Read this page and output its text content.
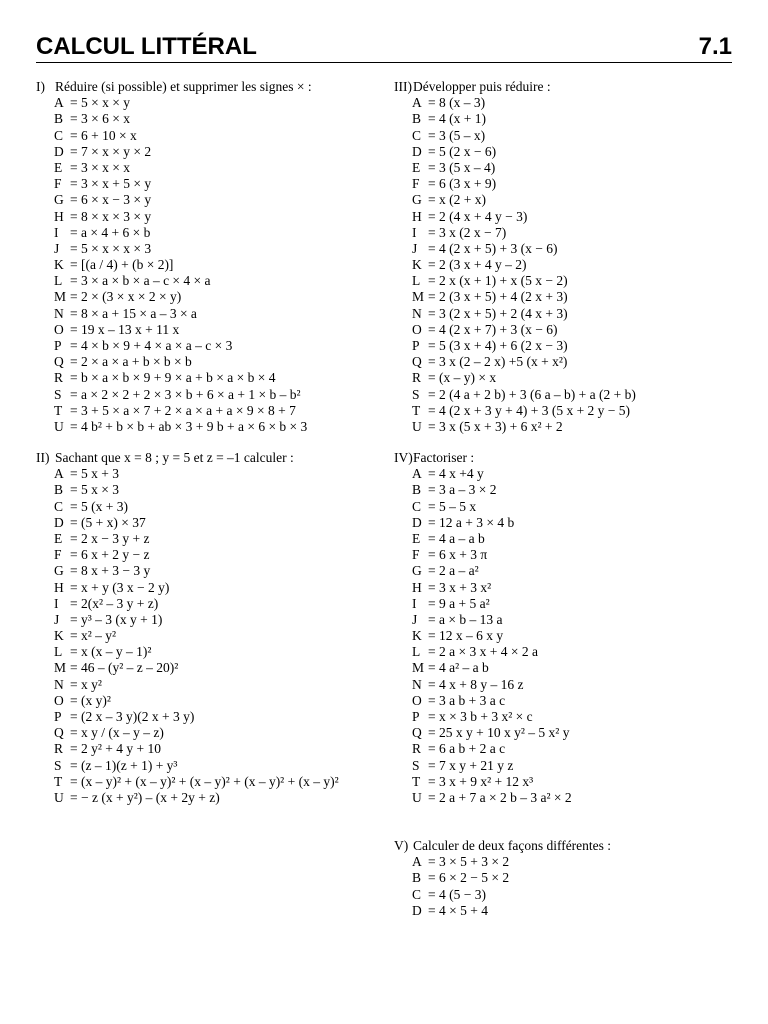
CALCUL LITTÉRAL	7.1
I) Réduire (si possible) et supprimer les signes × :
A = 5 × x × y
B = 3 × 6 × x
C = 6 + 10 × x
D = 7 × x × y × 2
E = 3 × x × x
F = 3 × x + 5 × y
G = 6 × x − 3 × y
H = 8 × x × 3 × y
I = a × 4 + 6 × b
J = 5 × x × x × 3
K = [(a / 4) + (b × 2)]
L = 3 × a × b × a – c × 4 × a
M = 2 × (3 × x × 2 × y)
N = 8 × a + 15 × a – 3 × a
O = 19 x – 13 x + 11 x
P = 4 × b × 9 + 4 × a × a – c × 3
Q = 2 × a × a + b × b × b
R = b × a × b × 9 + 9 × a + b × a × b × 4
S = a × 2 × 2 + 2 × 3 × b + 6 × a + 1 × b – b²
T = 3 + 5 × a × 7 + 2 × a × a + a × 9 × 8 + 7
U = 4 b² + b × b + ab × 3 + 9 b + a × 6 × b × 3
II) Sachant que x = 8 ; y = 5 et z = –1 calculer :
A = 5 x + 3
B = 5 x × 3
C = 5 (x + 3)
D = (5 + x) × 37
E = 2 x − 3 y + z
F = 6 x + 2 y − z
G = 8 x + 3 − 3 y
H = x + y (3 x − 2 y)
I = 2(x² – 3 y + z)
J = y³ – 3 (x y + 1)
K = x² – y²
L = x (x – y – 1)²
M = 46 – (y² – z – 20)²
N = x y²
O = (x y)²
P = (2 x – 3 y)(2 x + 3 y)
Q = x y / (x – y – z)
R = 2 y² + 4 y + 10
S = (z – 1)(z + 1) + y³
T = (x – y)² + (x – y)² + (x – y)² + (x – y)² + (x – y)²
U = − z (x + y²) – (x + 2y + z)
III)Développer puis réduire :
A = 8 (x – 3)
B = 4 (x + 1)
C = 3 (5 – x)
D = 5 (2 x − 6)
E = 3 (5 x – 4)
F = 6 (3 x + 9)
G = x (2 + x)
H = 2 (4 x + 4 y − 3)
I = 3 x (2 x − 7)
J = 4 (2 x + 5) + 3 (x − 6)
K = 2 (3 x + 4 y – 2)
L = 2 x (x + 1) + x (5 x − 2)
M = 2 (3 x + 5) + 4 (2 x + 3)
N = 3 (2 x + 5) + 2 (4 x + 3)
O = 4 (2 x + 7) + 3 (x − 6)
P = 5 (3 x + 4) + 6 (2 x − 3)
Q = 3 x (2 – 2 x) +5 (x + x²)
R = (x – y) × x
S = 2 (4 a + 2 b) + 3 (6 a – b) + a (2 + b)
T = 4 (2 x + 3 y + 4) + 3 (5 x + 2 y − 5)
U = 3 x (5 x + 3) + 6 x² + 2
IV)Factoriser :
A = 4 x +4 y
B = 3 a – 3 × 2
C = 5 – 5 x
D = 12 a + 3 × 4 b
E = 4 a – a b
F = 6 x + 3 π
G = 2 a – a²
H = 3 x + 3 x²
I = 9 a + 5 a²
J = a × b – 13 a
K = 12 x – 6 x y
L = 2 a × 3 x + 4 × 2 a
M = 4 a² – a b
N = 4 x + 8 y – 16 z
O = 3 a b + 3 a c
P = x × 3 b + 3 x² × c
Q = 25 x y + 10 x y² – 5 x² y
R = 6 a b + 2 a c
S = 7 x y + 21 y z
T = 3 x + 9 x² + 12 x³
U = 2 a + 7 a × 2 b – 3 a² × 2
V) Calculer de deux façons différentes :
A = 3 × 5 + 3 × 2
B = 6 × 2 − 5 × 2
C = 4 (5 − 3)
D = 4 × 5 + 4
